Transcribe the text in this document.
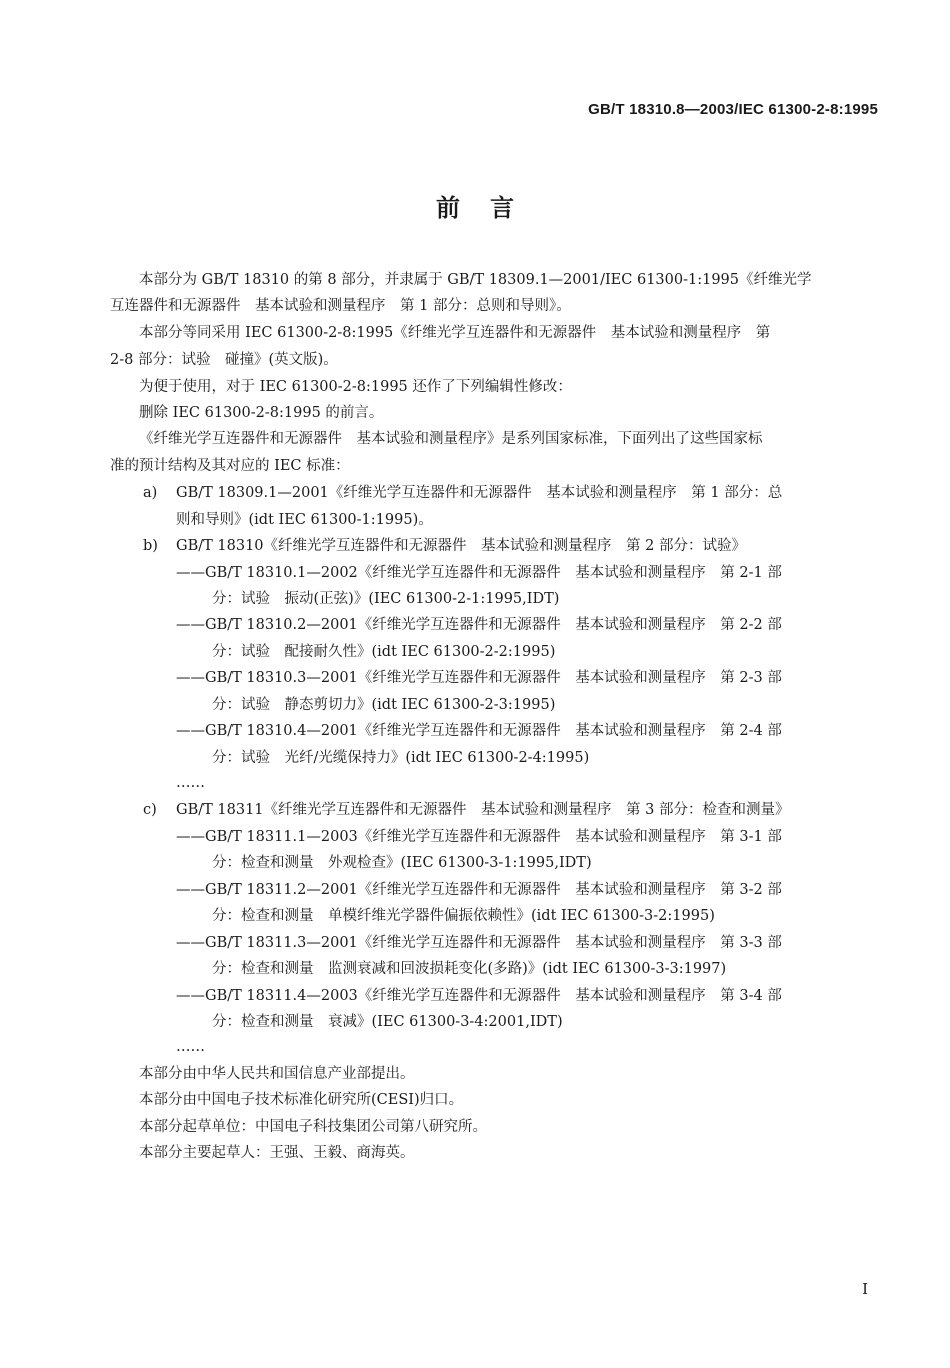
GB/T 18310.8—2003/IEC 61300-2-8:1995
前言
本部分为 GB/T 18310 的第 8 部分，并隶属于 GB/T 18309.1—2001/IEC 61300-1:1995《纤维光学
互连器件和无源器件　基本试验和测量程序　第 1 部分：总则和导则》。
本部分等同采用 IEC 61300-2-8:1995《纤维光学互连器件和无源器件　基本试验和测量程序　第
2-8 部分：试验　碰撞》(英文版)。
为便于使用，对于 IEC 61300-2-8:1995 还作了下列编辑性修改：
删除 IEC 61300-2-8:1995 的前言。
《纤维光学互连器件和无源器件　基本试验和测量程序》是系列国家标准，下面列出了这些国家标
准的预计结构及其对应的 IEC 标准：
a) GB/T 18309.1—2001《纤维光学互连器件和无源器件　基本试验和测量程序　第 1 部分：总
则和导则》(idt IEC 61300-1:1995)。
b) GB/T 18310《纤维光学互连器件和无源器件　基本试验和测量程序　第 2 部分：试验》
——GB/T 18310.1—2002《纤维光学互连器件和无源器件　基本试验和测量程序　第 2-1 部
分：试验　振动(正弦)》(IEC 61300-2-1:1995,IDT)
——GB/T 18310.2—2001《纤维光学互连器件和无源器件　基本试验和测量程序　第 2-2 部
分：试验　配接耐久性》(idt IEC 61300-2-2:1995)
——GB/T 18310.3—2001《纤维光学互连器件和无源器件　基本试验和测量程序　第 2-3 部
分：试验　静态剪切力》(idt IEC 61300-2-3:1995)
——GB/T 18310.4—2001《纤维光学互连器件和无源器件　基本试验和测量程序　第 2-4 部
分：试验　光纤/光缆保持力》(idt IEC 61300-2-4:1995)
……
c) GB/T 18311《纤维光学互连器件和无源器件　基本试验和测量程序　第 3 部分：检查和测量》
——GB/T 18311.1—2003《纤维光学互连器件和无源器件　基本试验和测量程序　第 3-1 部
分：检查和测量　外观检查》(IEC 61300-3-1:1995,IDT)
——GB/T 18311.2—2001《纤维光学互连器件和无源器件　基本试验和测量程序　第 3-2 部
分：检查和测量　单模纤维光学器件偏振依赖性》(idt IEC 61300-3-2:1995)
——GB/T 18311.3—2001《纤维光学互连器件和无源器件　基本试验和测量程序　第 3-3 部
分：检查和测量　监测衰减和回波损耗变化(多路)》(idt IEC 61300-3-3:1997)
——GB/T 18311.4—2003《纤维光学互连器件和无源器件　基本试验和测量程序　第 3-4 部
分：检查和测量　衰减》(IEC 61300-3-4:2001,IDT)
……
本部分由中华人民共和国信息产业部提出。
本部分由中国电子技术标准化研究所(CESI)归口。
本部分起草单位：中国电子科技集团公司第八研究所。
本部分主要起草人：王强、王毅、商海英。
I
